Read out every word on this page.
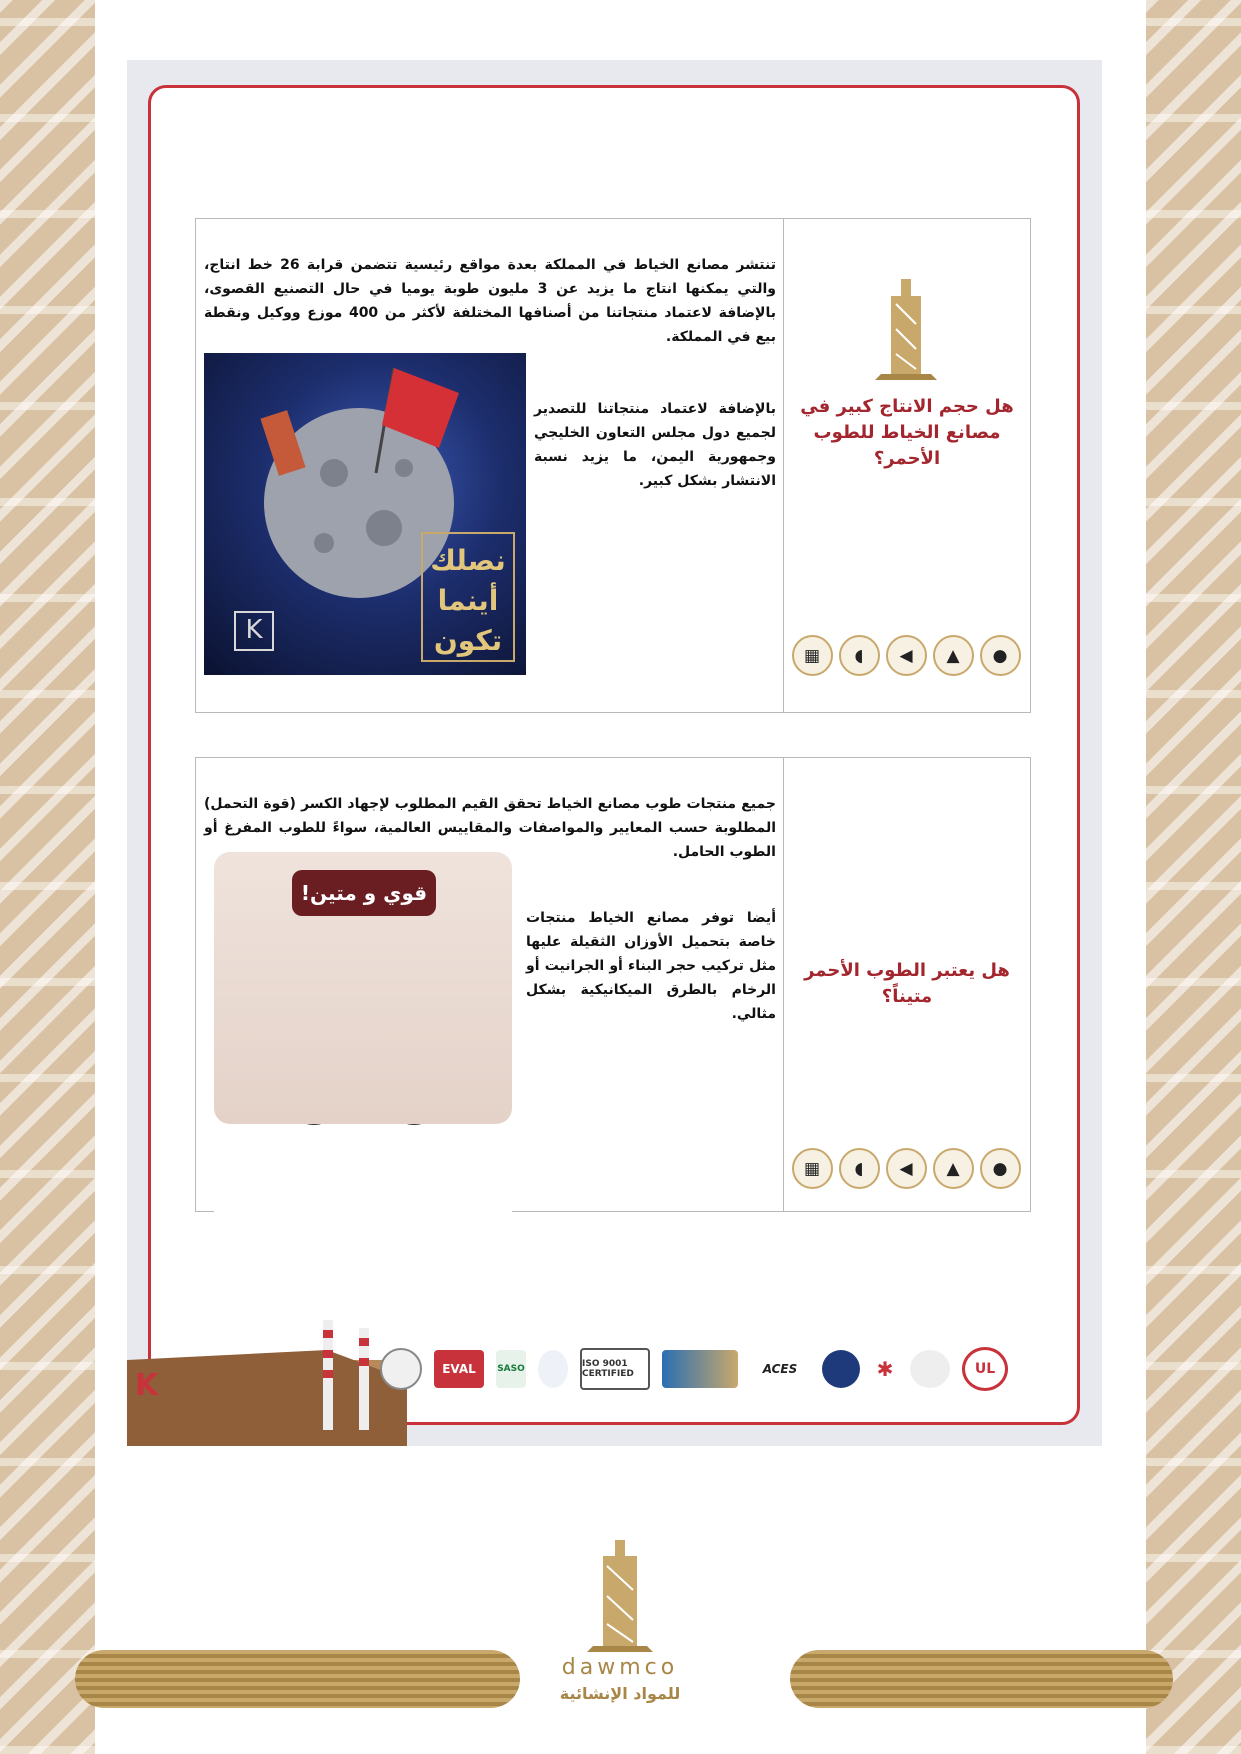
هل حجم الانتاج كبير في مصانع الخياط للطوب الأحمر؟
▦	◖	◀	▲	●
تنتشر مصانع الخياط في المملكة بعدة مواقع رئيسية تتضمن قرابة 26 خط انتاج، والتي يمكنها انتاج ما يزيد عن 3 مليون طوبة يوميا في حال التصنيع القصوى، بالإضافة لاعتماد منتجاتنا من أصنافها المختلفة لأكثر من 400 موزع ووكيل ونقطة بيع في المملكة.
بالإضافة لاعتماد منتجاتنا للتصدير لجميع دول مجلس التعاون الخليجي وجمهورية اليمن، ما يزيد نسبة الانتشار بشكل كبير.
نصلك
أينما
تكون
K
هل يعتبر الطوب الأحمر متيناً؟
▦	◖	◀	▲	●
جميع منتجات طوب مصانع الخياط تحقق القيم المطلوب لإجهاد الكسر (قوة التحمل) المطلوبة حسب المعايير والمواصفات والمقاييس العالمية، سواءً للطوب المفرغ أو الطوب الحامل.
أيضا توفر مصانع الخياط منتجات خاصة بتحميل الأوزان الثقيلة عليها مثل تركيب حجر البناء أو الجرانيت أو الرخام بالطرق الميكانيكية بشكل مثالي.
قوي و متين!
K	EVAL	SASO	ISO 9001 CERTIFIED	ACES	✱	UL
dawmco
للمواد الإنشائية
